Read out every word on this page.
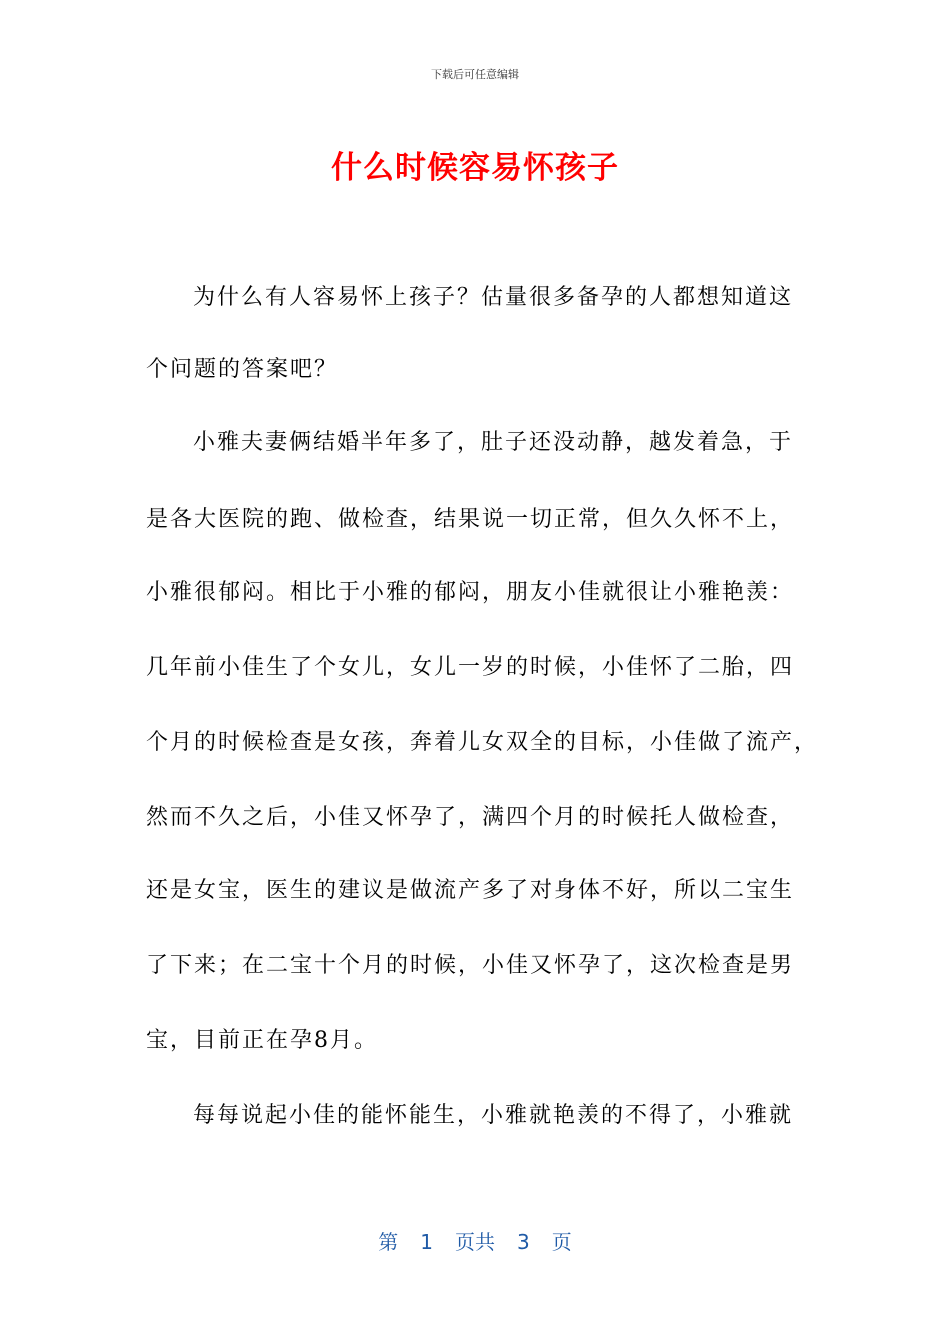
下载后可任意编辑
什么时候容易怀孩子
为什么有人容易怀上孩子？估量很多备孕的人都想知道这
个问题的答案吧？
小雅夫妻俩结婚半年多了，肚子还没动静，越发着急，于
是各大医院的跑、做检查，结果说一切正常，但久久怀不上，
小雅很郁闷。相比于小雅的郁闷，朋友小佳就很让小雅艳羡：
几年前小佳生了个女儿，女儿一岁的时候，小佳怀了二胎，四
个月的时候检查是女孩，奔着儿女双全的目标，小佳做了流产，
然而不久之后，小佳又怀孕了，满四个月的时候托人做检查，
还是女宝，医生的建议是做流产多了对身体不好，所以二宝生
了下来；在二宝十个月的时候，小佳又怀孕了，这次检查是男
宝，目前正在孕8月。
每每说起小佳的能怀能生，小雅就艳羡的不得了，小雅就
第 1 页共 3 页
